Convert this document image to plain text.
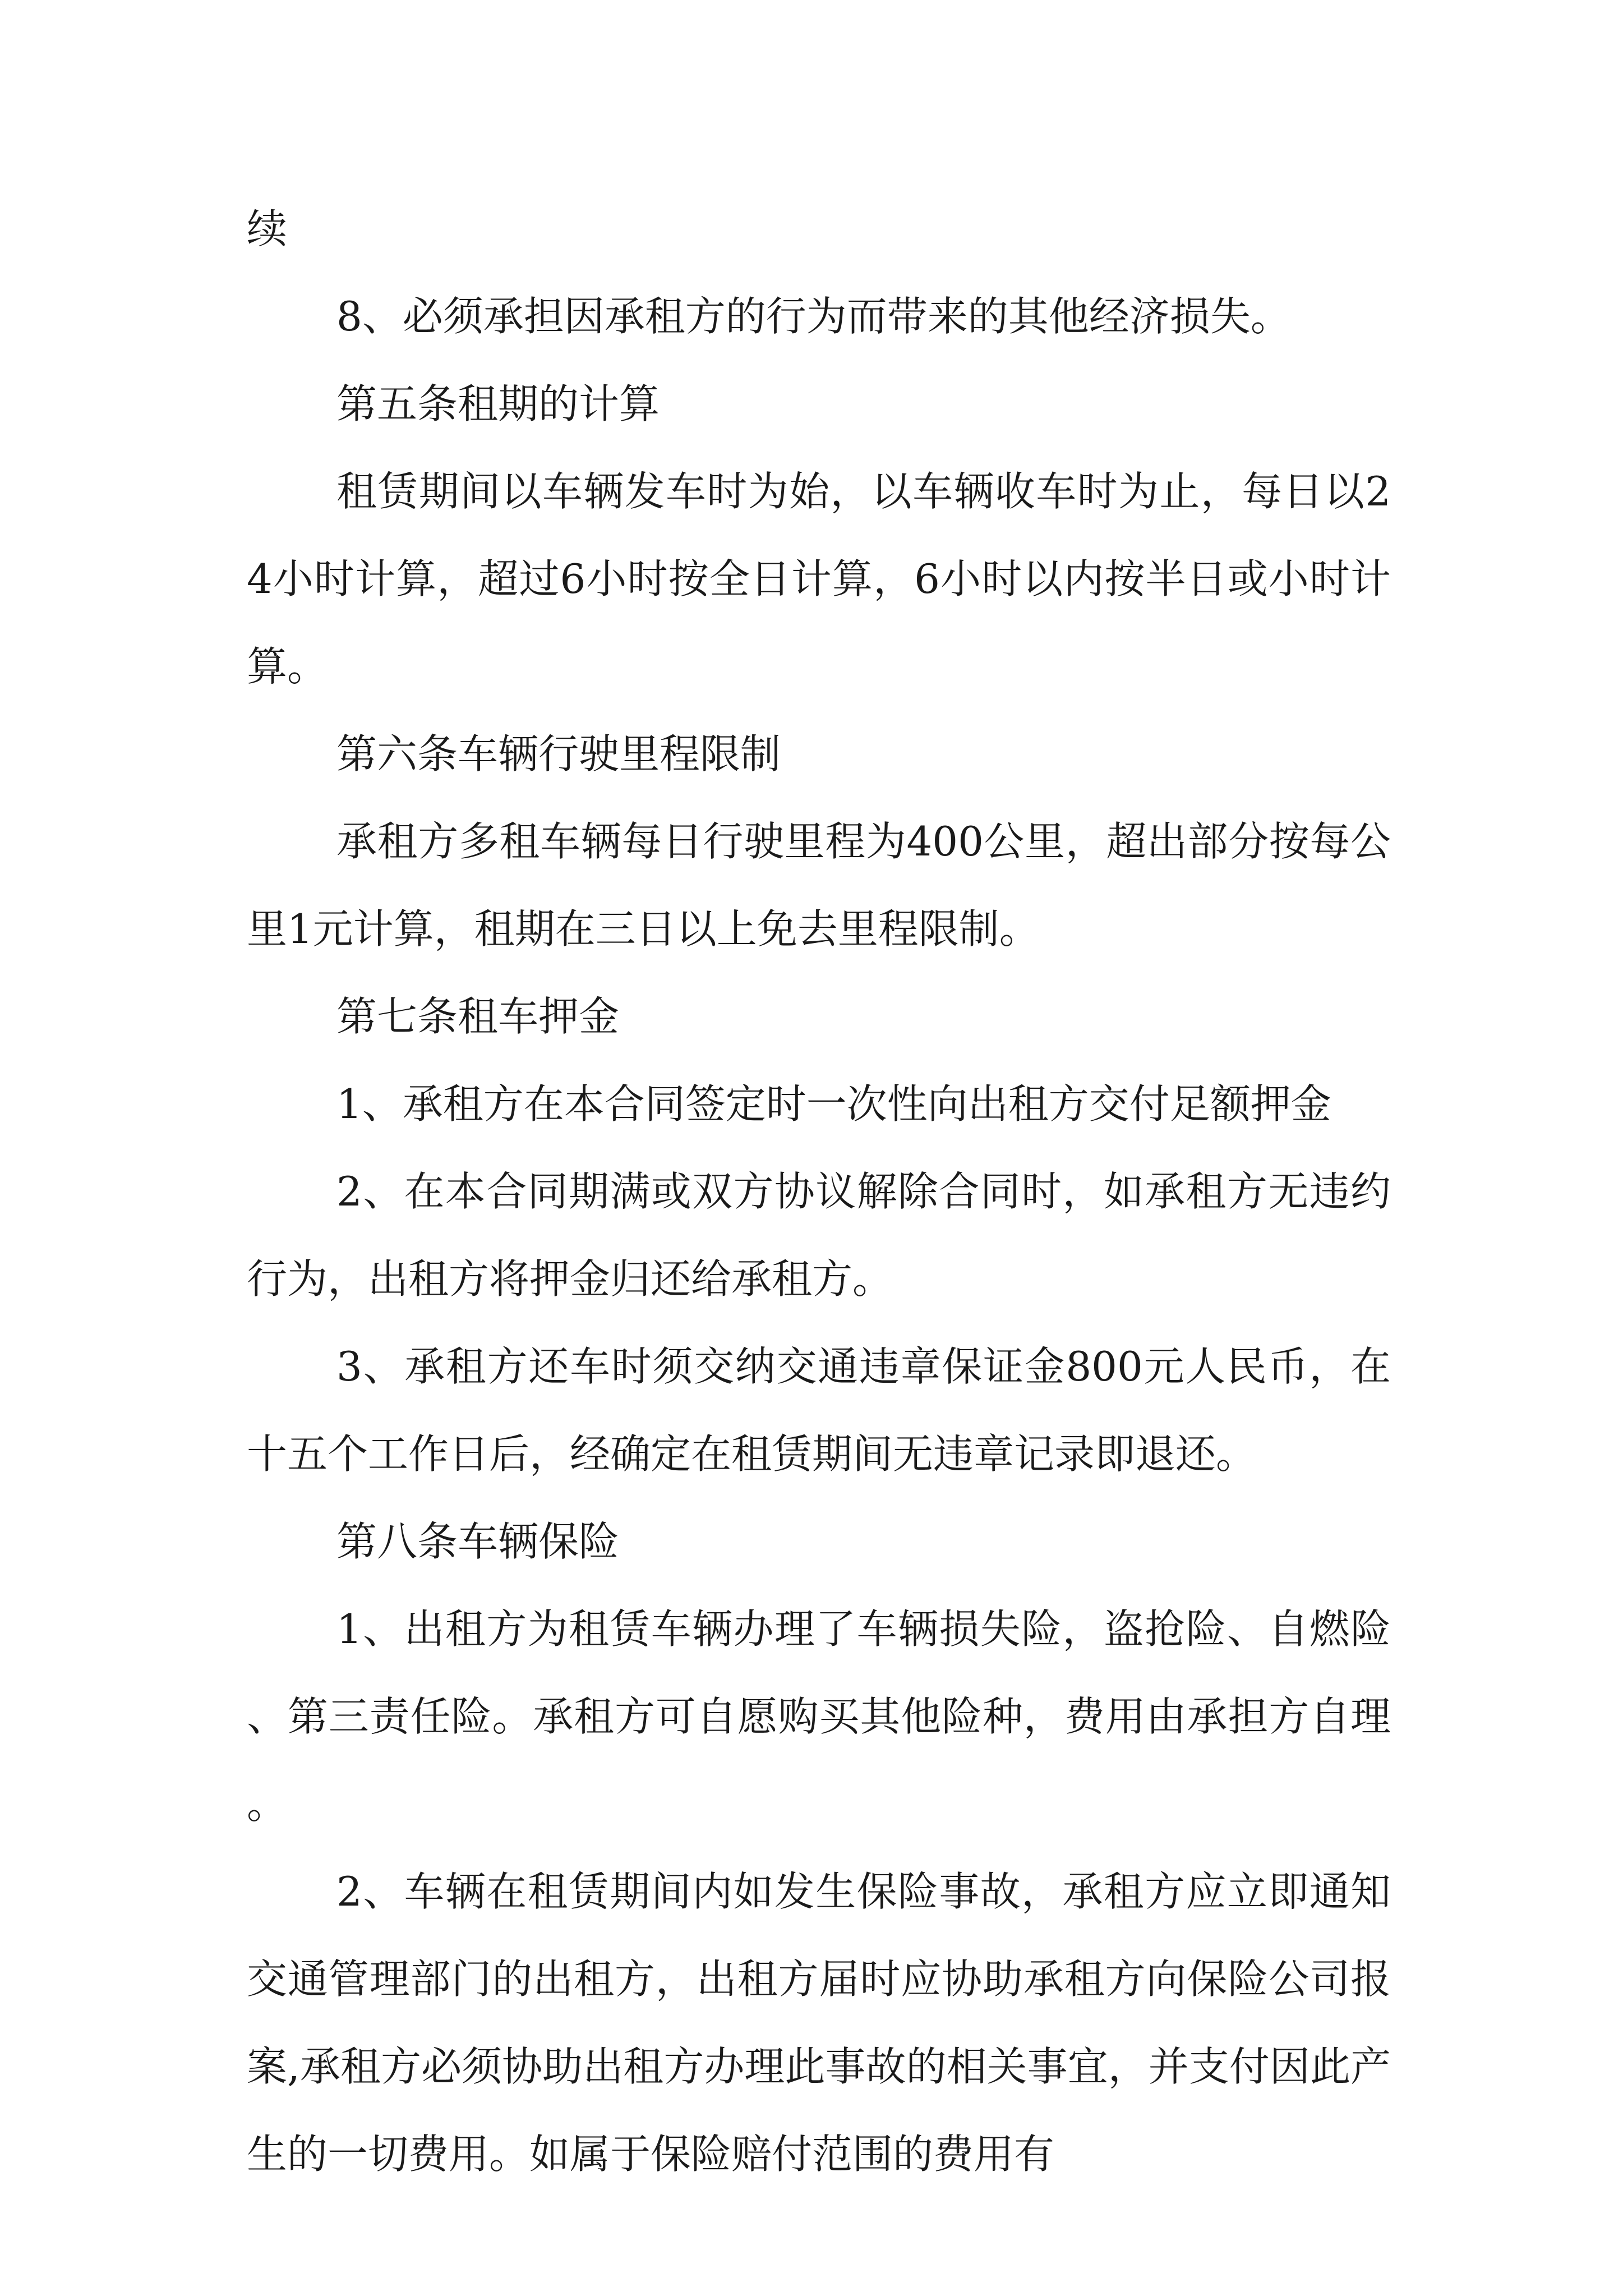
续

8、必须承担因承租方的行为而带来的其他经济损失。

第五条租期的计算

租赁期间以车辆发车时为始，以车辆收车时为止，每日以24小时计算，超过6小时按全日计算，6小时以内按半日或小时计算。

第六条车辆行驶里程限制

承租方多租车辆每日行驶里程为400公里，超出部分按每公里1元计算，租期在三日以上免去里程限制。

第七条租车押金

1、承租方在本合同签定时一次性向出租方交付足额押金

2、在本合同期满或双方协议解除合同时，如承租方无违约行为，出租方将押金归还给承租方。

3、承租方还车时须交纳交通违章保证金800元人民币，在十五个工作日后，经确定在租赁期间无违章记录即退还。

第八条车辆保险

1、出租方为租赁车辆办理了车辆损失险，盗抢险、自燃险、第三责任险。承租方可自愿购买其他险种，费用由承担方自理。

2、车辆在租赁期间内如发生保险事故，承租方应立即通知交通管理部门的出租方，出租方届时应协助承租方向保险公司报案,承租方必须协助出租方办理此事故的相关事宜，并支付因此产生的一切费用。如属于保险赔付范围的费用有
